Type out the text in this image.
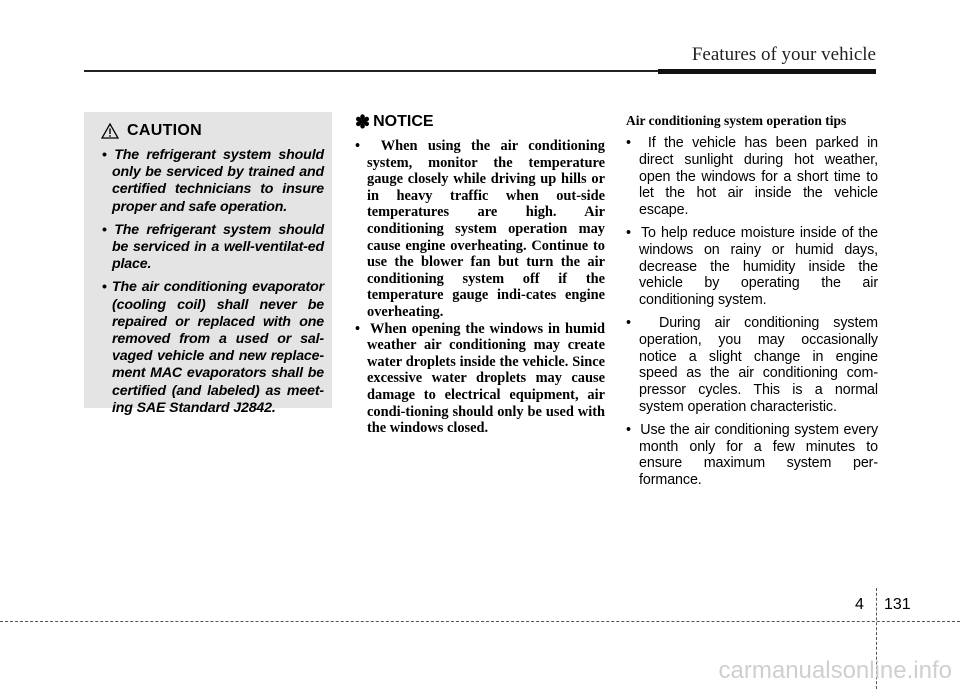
Features of your vehicle
CAUTION
• The refrigerant system should only be serviced by trained and certified technicians to insure proper and safe operation.
• The refrigerant system should be serviced in a well-ventilat-ed place.
• The air conditioning evaporator (cooling coil) shall never be repaired or replaced with one removed from a used or sal-vaged vehicle and new replace-ment MAC evaporators shall be certified (and labeled) as meet-ing SAE Standard J2842.
✽ NOTICE
•  When using the air conditioning system, monitor the temperature gauge closely while driving up hills or in heavy traffic when out-side temperatures are high. Air conditioning system operation may cause engine overheating. Continue to use the blower fan but turn the air conditioning system off if the temperature gauge indi-cates engine overheating.
•  When opening the windows in humid weather air conditioning may create water droplets inside the vehicle. Since excessive water droplets may cause damage to electrical equipment, air condi-tioning should only be used with the windows closed.
Air conditioning system operation tips
•  If the vehicle has been parked in direct sunlight during hot weather, open the windows for a short time to let the hot air inside the vehicle escape.
•  To help reduce moisture inside of the windows on rainy or humid days, decrease the humidity inside the vehicle by operating the air conditioning system.
•  During air conditioning system operation, you may occasionally notice a slight change in engine speed as the air conditioning com-pressor cycles. This is a normal system operation characteristic.
•  Use the air conditioning system every month only for a few minutes to ensure maximum system per-formance.
4 131
carmanualsonline.info
